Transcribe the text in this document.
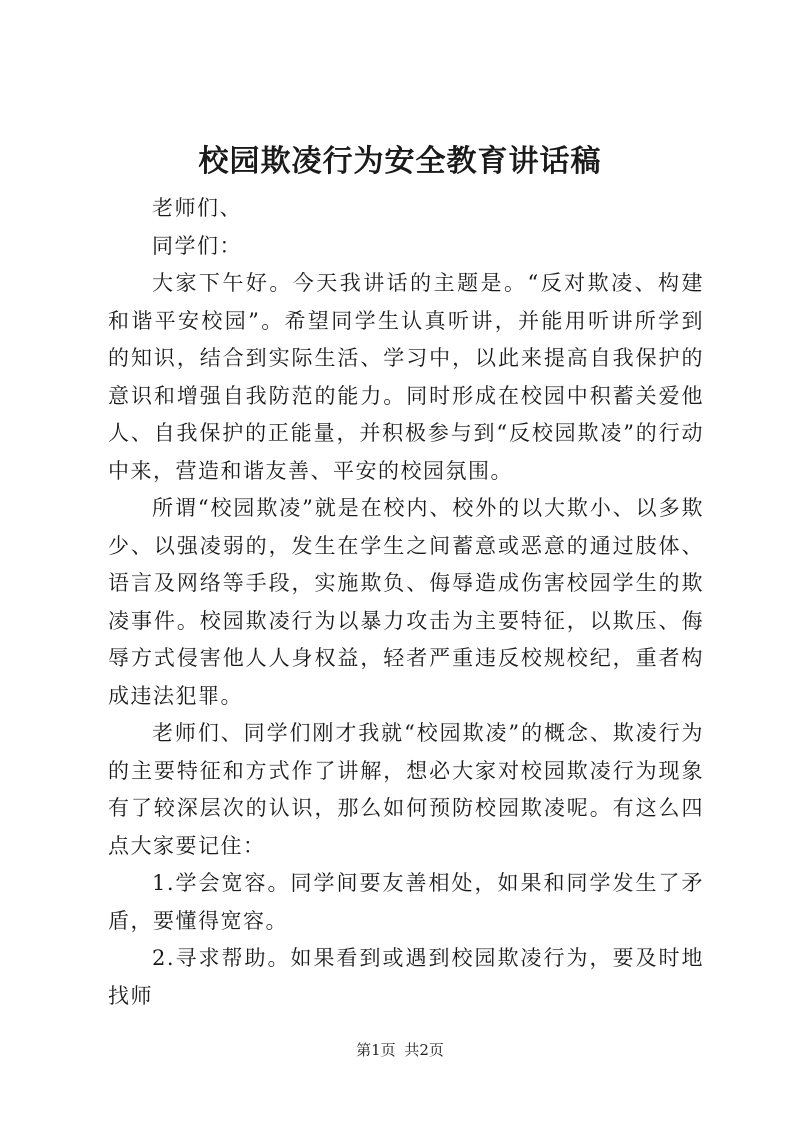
校园欺凌行为安全教育讲话稿

老师们、

同学们：

大家下午好。今天我讲话的主题是。“反对欺凌、构建和谐平安校园”。希望同学生认真听讲，并能用听讲所学到的知识，结合到实际生活、学习中，以此来提高自我保护的意识和增强自我防范的能力。同时形成在校园中积蓄关爱他人、自我保护的正能量，并积极参与到“反校园欺凌”的行动中来，营造和谐友善、平安的校园氛围。

所谓“校园欺凌”就是在校内、校外的以大欺小、以多欺少、以强凌弱的，发生在学生之间蓄意或恶意的通过肢体、语言及网络等手段，实施欺负、侮辱造成伤害校园学生的欺凌事件。校园欺凌行为以暴力攻击为主要特征，以欺压、侮辱方式侵害他人人身权益，轻者严重违反校规校纪，重者构成违法犯罪。

老师们、同学们刚才我就“校园欺凌”的概念、欺凌行为的主要特征和方式作了讲解，想必大家对校园欺凌行为现象有了较深层次的认识，那么如何预防校园欺凌呢。有这么四点大家要记住：

1.学会宽容。同学间要友善相处，如果和同学发生了矛盾，要懂得宽容。

2.寻求帮助。如果看到或遇到校园欺凌行为，要及时地找师

第1页 共2页
